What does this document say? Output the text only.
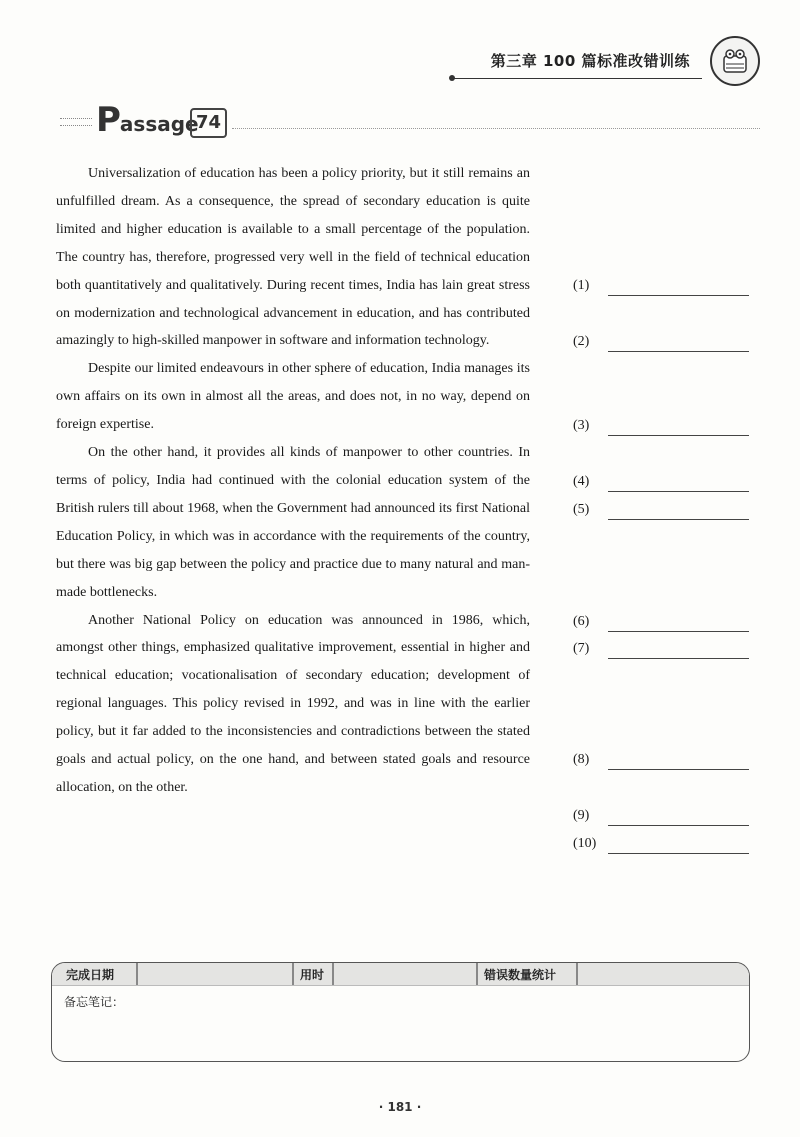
第三章 100 篇标准改错训练
Passage
74

Universalization of education has been a policy priority, but it still remains an unfulfilled dream. As a consequence, the spread of secondary education is quite limited and higher education is available to a small percentage of the population. The country has, therefore, progressed very well in the field of technical education both quantitatively and qualitatively. During recent times, India has lain great stress on modernization and technological advancement in education, and has contributed amazingly to high-skilled manpower in software and information technology.

Despite our limited endeavours in other sphere of education, India manages its own affairs on its own in almost all the areas, and does not, in no way, depend on foreign expertise.

On the other hand, it provides all kinds of manpower to other countries. In terms of policy, India had continued with the colonial education system of the British rulers till about 1968, when the Government had announced its first National Education Policy, in which was in accordance with the requirements of the country, but there was big gap between the policy and practice due to many natural and man-made bottlenecks.

Another National Policy on education was announced in 1986, which, amongst other things, emphasized qualitative improvement, essential in higher and technical education; vocationalisation of secondary education; development of regional languages. This policy revised in 1992, and was in line with the earlier policy, but it far added to the inconsistencies and contradictions between the stated goals and actual policy, on the one hand, and between stated goals and resource allocation, on the other.

(1)
(2)
(3)
(4)
(5)
(6)
(7)
(8)
(9)
(10)
完成日期	用时	错误数量统计
备忘笔记：
· 181 ·
